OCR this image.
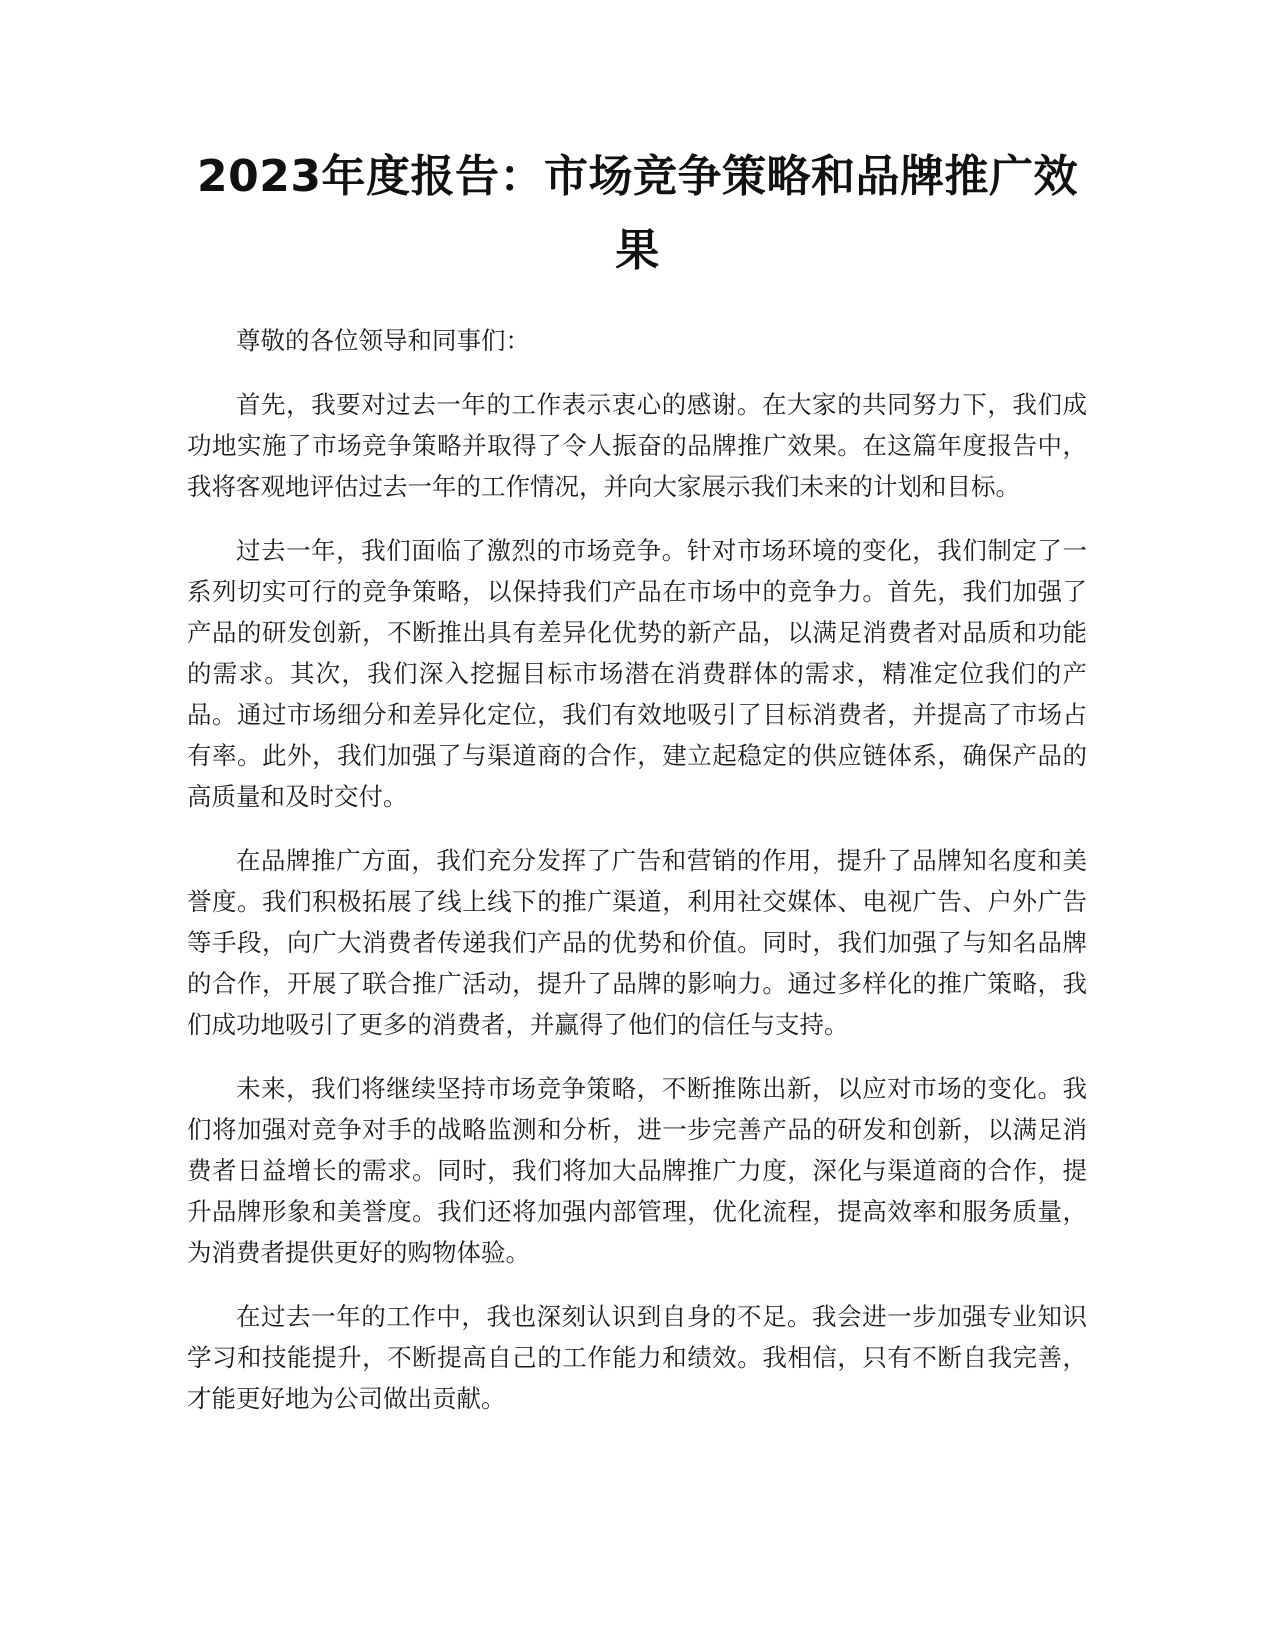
2023年度报告：市场竞争策略和品牌推广效
果

尊敬的各位领导和同事们：

首先，我要对过去一年的工作表示衷心的感谢。在大家的共同努力下，我们成功地实施了市场竞争策略并取得了令人振奋的品牌推广效果。在这篇年度报告中，我将客观地评估过去一年的工作情况，并向大家展示我们未来的计划和目标。

过去一年，我们面临了激烈的市场竞争。针对市场环境的变化，我们制定了一系列切实可行的竞争策略，以保持我们产品在市场中的竞争力。首先，我们加强了产品的研发创新，不断推出具有差异化优势的新产品，以满足消费者对品质和功能的需求。其次，我们深入挖掘目标市场潜在消费群体的需求，精准定位我们的产品。通过市场细分和差异化定位，我们有效地吸引了目标消费者，并提高了市场占有率。此外，我们加强了与渠道商的合作，建立起稳定的供应链体系，确保产品的高质量和及时交付。

在品牌推广方面，我们充分发挥了广告和营销的作用，提升了品牌知名度和美誉度。我们积极拓展了线上线下的推广渠道，利用社交媒体、电视广告、户外广告等手段，向广大消费者传递我们产品的优势和价值。同时，我们加强了与知名品牌的合作，开展了联合推广活动，提升了品牌的影响力。通过多样化的推广策略，我们成功地吸引了更多的消费者，并赢得了他们的信任与支持。

未来，我们将继续坚持市场竞争策略，不断推陈出新，以应对市场的变化。我们将加强对竞争对手的战略监测和分析，进一步完善产品的研发和创新，以满足消费者日益增长的需求。同时，我们将加大品牌推广力度，深化与渠道商的合作，提升品牌形象和美誉度。我们还将加强内部管理，优化流程，提高效率和服务质量，为消费者提供更好的购物体验。

在过去一年的工作中，我也深刻认识到自身的不足。我会进一步加强专业知识学习和技能提升，不断提高自己的工作能力和绩效。我相信，只有不断自我完善，才能更好地为公司做出贡献。
